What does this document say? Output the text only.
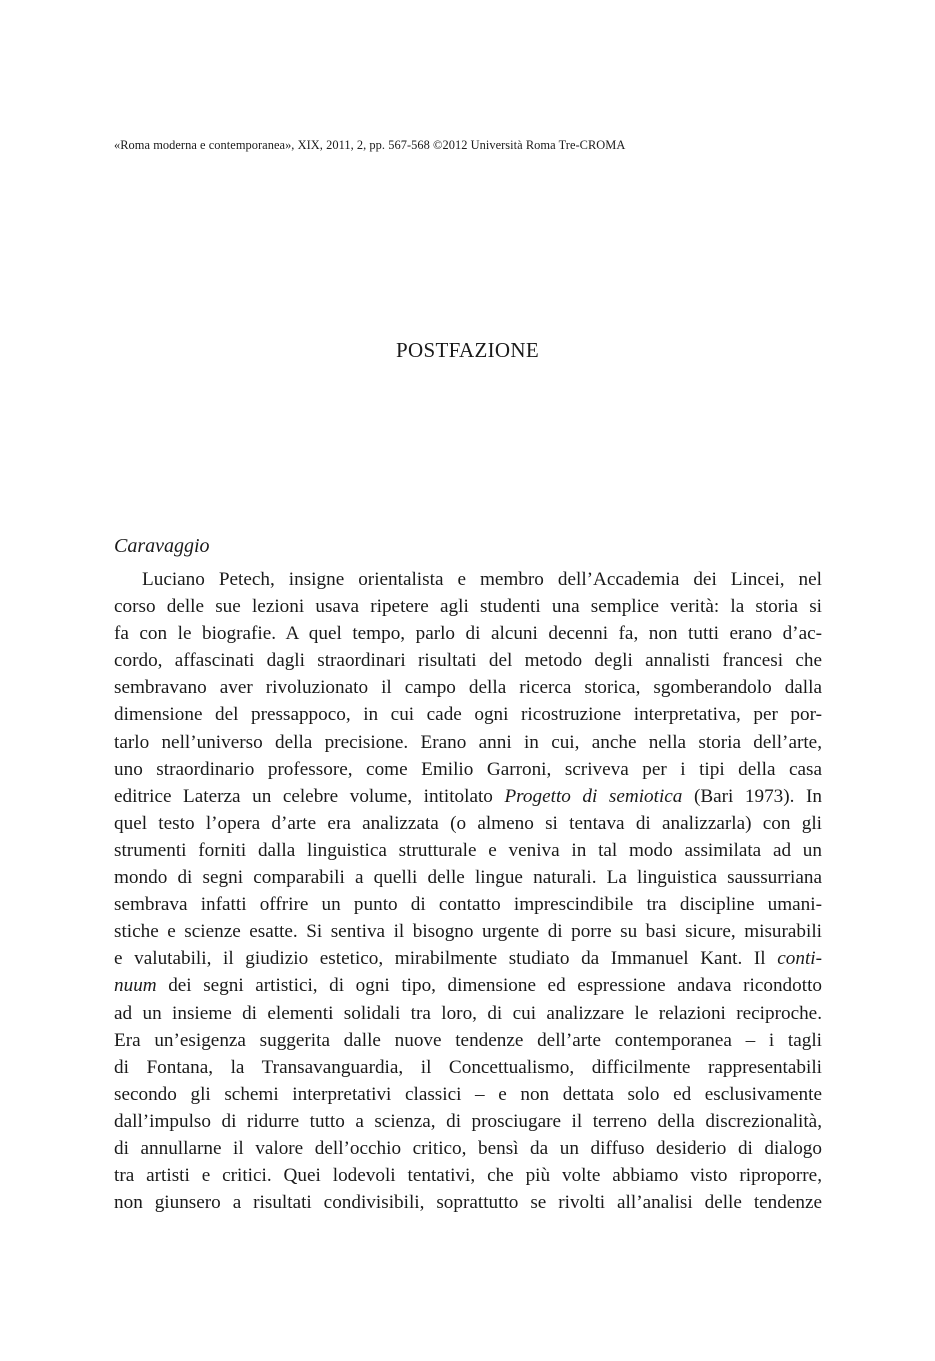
«Roma moderna e contemporanea», XIX, 2011, 2, pp. 567-568 ©2012 Università Roma Tre-CROMA
POSTFAZIONE
Caravaggio
Luciano Petech, insigne orientalista e membro dell’Accademia dei Lincei, nel
corso delle sue lezioni usava ripetere agli studenti una semplice verità: la storia si
fa con le biografie. A quel tempo, parlo di alcuni decenni fa, non tutti erano d’ac-
cordo, affascinati dagli straordinari risultati del metodo degli annalisti francesi che
sembravano aver rivoluzionato il campo della ricerca storica, sgomberandolo dalla
dimensione del pressappoco, in cui cade ogni ricostruzione interpretativa, per por-
tarlo nell’universo della precisione. Erano anni in cui, anche nella storia dell’arte,
uno straordinario professore, come Emilio Garroni, scriveva per i tipi della casa
editrice Laterza un celebre volume, intitolato Progetto di semiotica (Bari 1973). In
quel testo l’opera d’arte era analizzata (o almeno si tentava di analizzarla) con gli
strumenti forniti dalla linguistica strutturale e veniva in tal modo assimilata ad un
mondo di segni comparabili a quelli delle lingue naturali. La linguistica saussurriana
sembrava infatti offrire un punto di contatto imprescindibile tra discipline umani-
stiche e scienze esatte. Si sentiva il bisogno urgente di porre su basi sicure, misurabili
e valutabili, il giudizio estetico, mirabilmente studiato da Immanuel Kant. Il conti-
nuum dei segni artistici, di ogni tipo, dimensione ed espressione andava ricondotto
ad un insieme di elementi solidali tra loro, di cui analizzare le relazioni reciproche.
Era un’esigenza suggerita dalle nuove tendenze dell’arte contemporanea – i tagli
di Fontana, la Transavanguardia, il Concettualismo, difficilmente rappresentabili
secondo gli schemi interpretativi classici – e non dettata solo ed esclusivamente
dall’impulso di ridurre tutto a scienza, di prosciugare il terreno della discrezionalità,
di annullarne il valore dell’occhio critico, bensì da un diffuso desiderio di dialogo
tra artisti e critici. Quei lodevoli tentativi, che più volte abbiamo visto riproporre,
non giunsero a risultati condivisibili, soprattutto se rivolti all’analisi delle tendenze
